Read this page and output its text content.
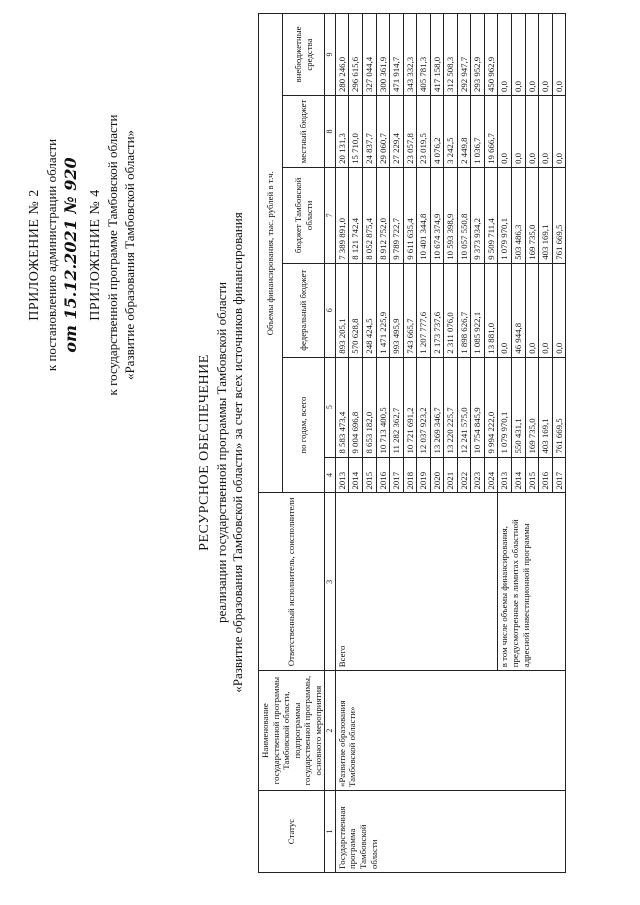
ПРИЛОЖЕНИЕ № 2 к постановлению администрации области от 15.12.2021 № 920 ПРИЛОЖЕНИЕ № 4 к государственной программе Тамбовской области «Развитие образования Тамбовской области»
РЕСУРСНОЕ ОБЕСПЕЧЕНИЕ реализации государственной программы Тамбовской области «Развитие образования Тамбовской области» за счет всех источников финансирования
Статус	Наименование государственной программы Тамбовской области, подпрограммы государственной программы, основного мероприятия	Ответственный исполнитель, соисполнители	Объемы финансирования, тыс. рублей в т.ч.					
			по годам, всего		федеральный бюджет	бюджет Тамбовской области	местный бюджет	внебюджетные средства
1	2	3	4	5	6	7	8	9
Государственная программа Тамбовской области	«Развитие образования Тамбовской области»	Всего	2013	8 583 473,4	893 205,1	7 389 891,0	20 131,3	280 246,0
			2014	9 004 696,8	570 628,8	8 121 742,4	15 710,0	296 615,6
			2015	8 653 182,0	248 424,5	8 052 875,4	24 837,7	327 044,4
			2016	10 713 400,5	1 471 225,9	8 912 752,0	29 060,7	300 361,9
			2017	11 282 362,7	993 495,9	9 789 722,7	27 229,4	471 914,7
			2018	10 721 691,2	743 665,7	9 611 635,4	23 057,8	343 332,3
			2019	12 037 923,2	1 207 777,6	10 401 344,8	23 019,5	405 781,3
			2020	13 269 346,7	2 173 737,6	10 674 374,9	4 076,2	417 158,0
			2021	13 220 225,7	2 311 076,0	10 593 398,9	3 242,5	312 508,3
			2022	12 241 575,0	1 898 626,7	10 057 550,8	2 449,8	292 947,7
			2023	10 754 845,9	1 085 922,1	9 373 934,2	1 036,7	293 952,9
			2024	9 994 222,0	13 881,0	9 509 711,4	19 666,7	450 962,9
		в том числе объемы финансирования, предусмотренные в лимитах областной адресной инвестиционной программы	2013	1 079 970,1	0,0	1 079 970,1	0,0	0,0
			2014	550 431,1	46 944,8	503 486,3	0,0	0,0
			2015	169 735,0	0,0	169 735,0	0,0	0,0
			2016	403 169,1	0,0	403 169,1	0,0	0,0
			2017	761 669,5	0,0	761 669,5	0,0	0,0
